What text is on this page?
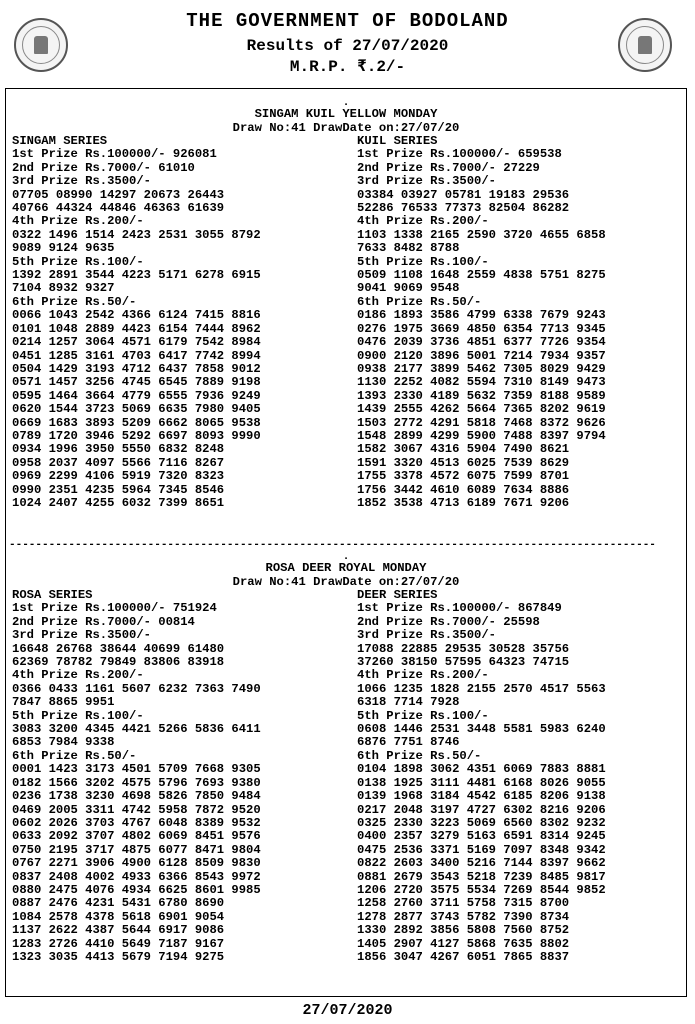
THE GOVERNMENT OF BODOLAND
Results of 27/07/2020
M.R.P. ₹.2/-
.
SINGAM KUIL YELLOW MONDAY
Draw No:41 DrawDate on:27/07/20
SINGAM SERIES
1st Prize Rs.100000/- 926081
2nd Prize Rs.7000/- 61010
3rd Prize Rs.3500/-
07705 08990 14297 20673 26443
40766 44324 44846 46363 61639
4th Prize Rs.200/-
0322 1496 1514 2423 2531 3055 8792
9089 9124 9635
5th Prize Rs.100/-
1392 2891 3544 4223 5171 6278 6915
7104 8932 9327
6th Prize Rs.50/-
0066 1043 2542 4366 6124 7415 8816
0101 1048 2889 4423 6154 7444 8962
0214 1257 3064 4571 6179 7542 8984
0451 1285 3161 4703 6417 7742 8994
0504 1429 3193 4712 6437 7858 9012
0571 1457 3256 4745 6545 7889 9198
0595 1464 3664 4779 6555 7936 9249
0620 1544 3723 5069 6635 7980 9405
0669 1683 3893 5209 6662 8065 9538
0789 1720 3946 5292 6697 8093 9990
0934 1996 3950 5550 6832 8248
0958 2037 4097 5566 7116 8267
0969 2299 4106 5919 7320 8323
0990 2351 4235 5964 7345 8546
1024 2407 4255 6032 7399 8651
KUIL SERIES
1st Prize Rs.100000/- 659538
2nd Prize Rs.7000/- 27229
3rd Prize Rs.3500/-
03384 03927 05781 19183 29536
52286 76533 77373 82504 86282
4th Prize Rs.200/-
1103 1338 2165 2590 3720 4655 6858
7633 8482 8788
5th Prize Rs.100/-
0509 1108 1648 2559 4838 5751 8275
9041 9069 9548
6th Prize Rs.50/-
0186 1893 3586 4799 6338 7679 9243
0276 1975 3669 4850 6354 7713 9345
0476 2039 3736 4851 6377 7726 9354
0900 2120 3896 5001 7214 7934 9357
0938 2177 3899 5462 7305 8029 9429
1130 2252 4082 5594 7310 8149 9473
1393 2330 4189 5632 7359 8188 9589
1439 2555 4262 5664 7365 8202 9619
1503 2772 4291 5818 7468 8372 9626
1548 2899 4299 5900 7488 8397 9794
1582 3067 4316 5904 7490 8621
1591 3320 4513 6025 7539 8629
1755 3378 4572 6075 7599 8701
1756 3442 4610 6089 7634 8886
1852 3538 4713 6189 7671 9206
--------------------------------------------------------------------------------------------------
.
ROSA DEER ROYAL MONDAY
Draw No:41 DrawDate on:27/07/20
ROSA SERIES
1st Prize Rs.100000/- 751924
2nd Prize Rs.7000/- 00814
3rd Prize Rs.3500/-
16648 26768 38644 40699 61480
62369 78782 79849 83806 83918
4th Prize Rs.200/-
0366 0433 1161 5607 6232 7363 7490
7847 8865 9951
5th Prize Rs.100/-
3083 3200 4345 4421 5266 5836 6411
6853 7984 9338
6th Prize Rs.50/-
0001 1423 3173 4501 5709 7668 9305
0182 1566 3202 4575 5796 7693 9380
0236 1738 3230 4698 5826 7850 9484
0469 2005 3311 4742 5958 7872 9520
0602 2026 3703 4767 6048 8389 9532
0633 2092 3707 4802 6069 8451 9576
0750 2195 3717 4875 6077 8471 9804
0767 2271 3906 4900 6128 8509 9830
0837 2408 4002 4933 6366 8543 9972
0880 2475 4076 4934 6625 8601 9985
0887 2476 4231 5431 6780 8690
1084 2578 4378 5618 6901 9054
1137 2622 4387 5644 6917 9086
1283 2726 4410 5649 7187 9167
1323 3035 4413 5679 7194 9275
DEER SERIES
1st Prize Rs.100000/- 867849
2nd Prize Rs.7000/- 25598
3rd Prize Rs.3500/-
17088 22885 29535 30528 35756
37260 38150 57595 64323 74715
4th Prize Rs.200/-
1066 1235 1828 2155 2570 4517 5563
6318 7714 7928
5th Prize Rs.100/-
0608 1446 2531 3448 5581 5983 6240
6876 7751 8746
6th Prize Rs.50/-
0104 1898 3062 4351 6069 7883 8881
0138 1925 3111 4481 6168 8026 9055
0139 1968 3184 4542 6185 8206 9138
0217 2048 3197 4727 6302 8216 9206
0325 2330 3223 5069 6560 8302 9232
0400 2357 3279 5163 6591 8314 9245
0475 2536 3371 5169 7097 8348 9342
0822 2603 3400 5216 7144 8397 9662
0881 2679 3543 5218 7239 8485 9817
1206 2720 3575 5534 7269 8544 9852
1258 2760 3711 5758 7315 8700
1278 2877 3743 5782 7390 8734
1330 2892 3856 5808 7560 8752
1405 2907 4127 5868 7635 8802
1856 3047 4267 6051 7865 8837
27/07/2020
